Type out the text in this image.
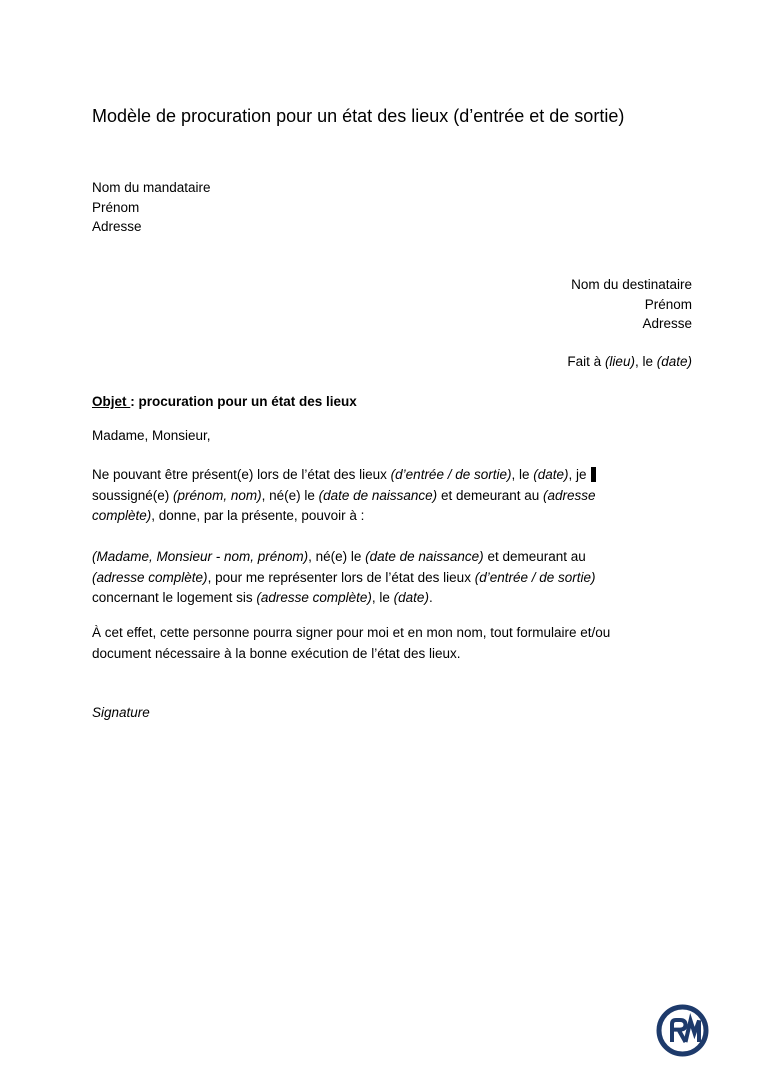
Modèle de procuration pour un état des lieux (d’entrée et de sortie)
Nom du mandataire
Prénom
Adresse
Nom du destinataire
Prénom
Adresse
Fait à (lieu), le (date)
Objet : procuration pour un état des lieux
Madame, Monsieur,
Ne pouvant être présent(e) lors de l’état des lieux (d’entrée / de sortie), le (date), je
soussigné(e) (prénom, nom), né(e) le (date de naissance) et demeurant au (adresse
complète), donne, par la présente, pouvoir à :
(Madame, Monsieur - nom, prénom), né(e) le (date de naissance) et demeurant au
(adresse complète), pour me représenter lors de l’état des lieux (d’entrée / de sortie)
concernant le logement sis (adresse complète), le (date).
À cet effet, cette personne pourra signer pour moi et en mon nom, tout formulaire et/ou
document nécessaire à la bonne exécution de l’état des lieux.
Signature
